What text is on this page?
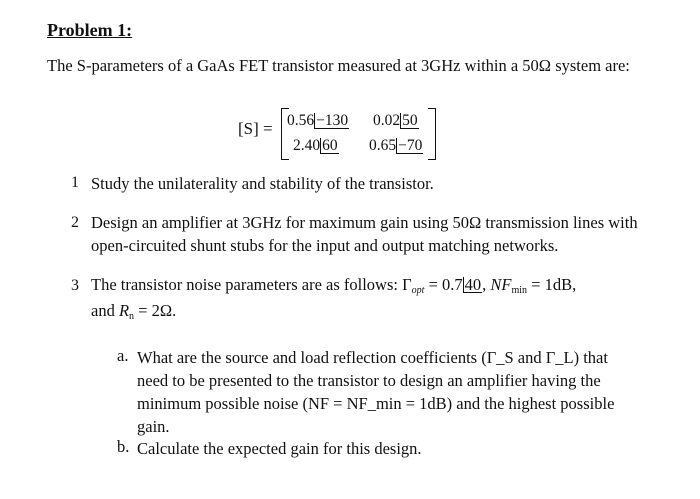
Problem 1:
The S-parameters of a GaAs FET transistor measured at 3GHz within a 50Ω system are:
[S] = 0.56 −130 0.02 50
2.40 60 0.65 −70
1 Study the unilaterality and stability of the transistor.
2 Design an amplifier at 3GHz for maximum gain using 50Ω transmission lines with open-circuited shunt stubs for the input and output matching networks.
3 The transistor noise parameters are as follows: $\Gamma_{opt} = 0.7$ 40, $NF_{min} = 1dB$,
and $R_n = 2\Omega$.
a. What are the source and load reflection coefficients (Γ_S and Γ_L) that need to be presented to the transistor to design an amplifier having the minimum possible noise (NF = NF_min = 1dB) and the highest possible gain.
b. Calculate the expected gain for this design.
